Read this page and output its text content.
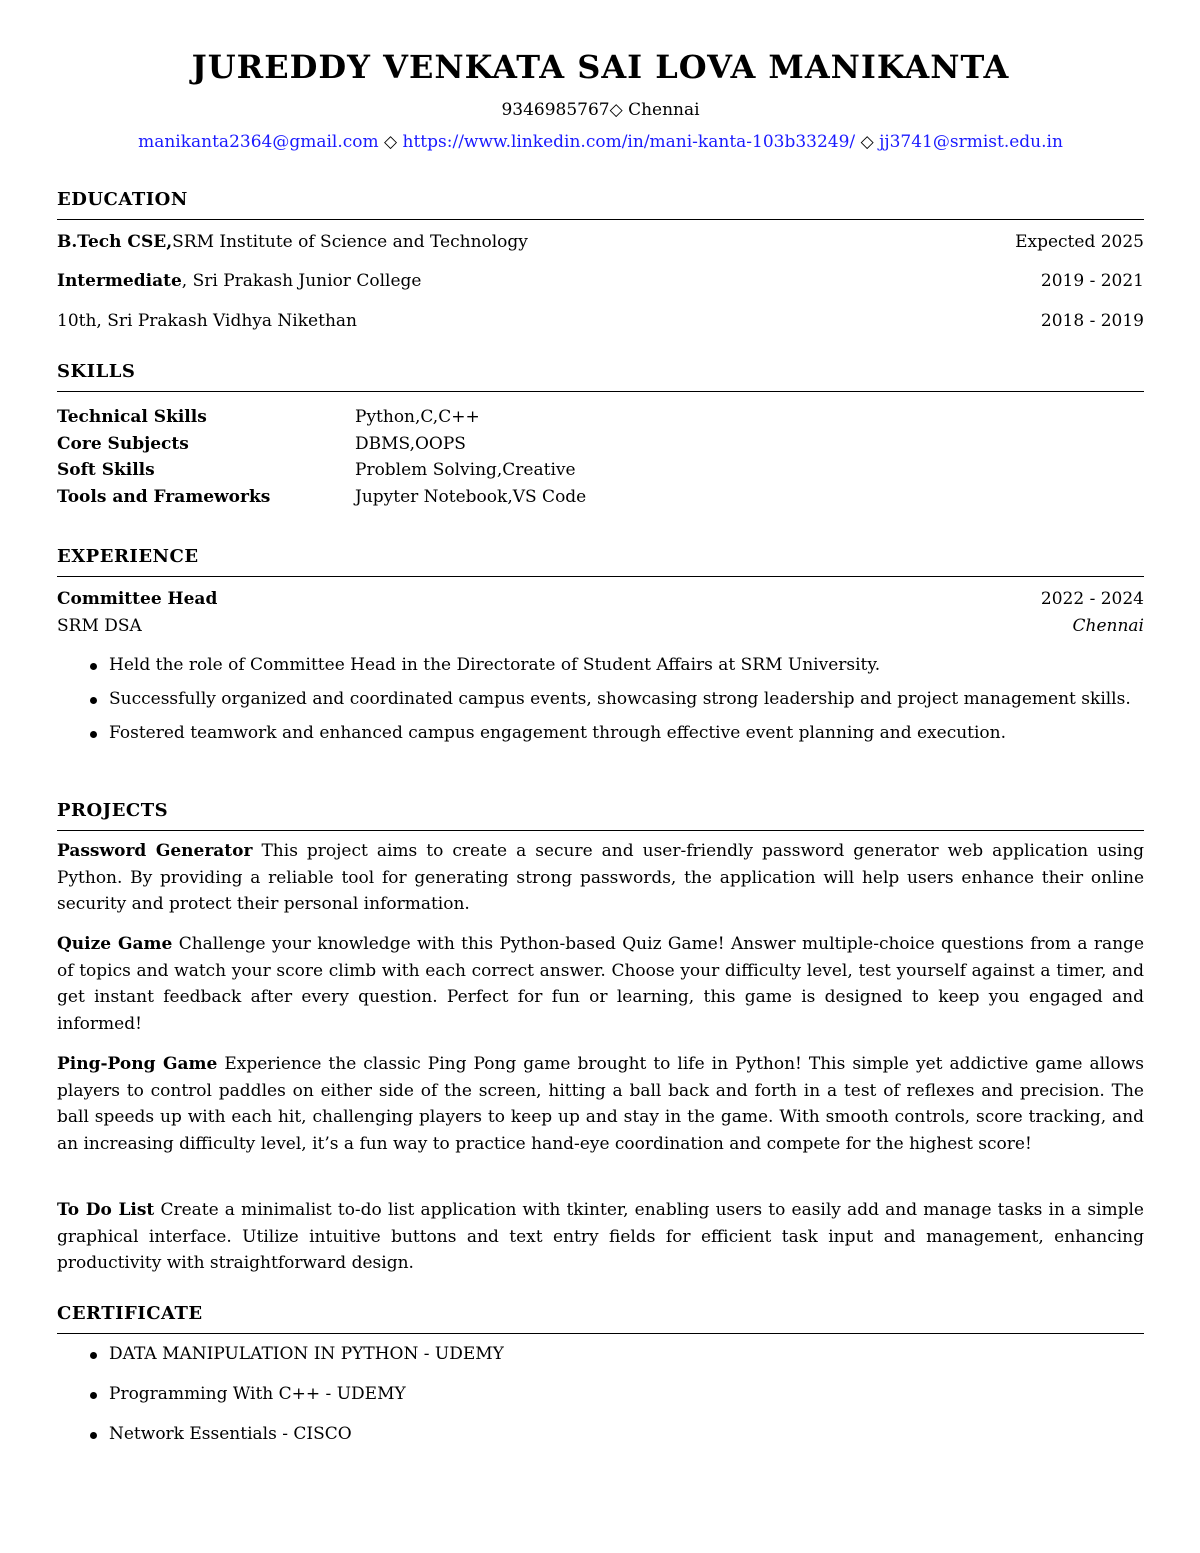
JUREDDY VENKATA SAI LOVA MANIKANTA
9346985767◇ Chennai
manikanta2364@gmail.com ◇ https://www.linkedin.com/in/mani-kanta-103b33249/ ◇ jj3741@srmist.edu.in
EDUCATION
B.Tech CSE,SRM Institute of Science and Technology	Expected 2025
Intermediate, Sri Prakash Junior College	2019 - 2021
10th, Sri Prakash Vidhya Nikethan	2018 - 2019
SKILLS
Technical Skills	Python,C,C++
Core Subjects	DBMS,OOPS
Soft Skills	Problem Solving,Creative
Tools and Frameworks	Jupyter Notebook,VS Code
EXPERIENCE
Committee Head	2022 - 2024
SRM DSA	Chennai
Held the role of Committee Head in the Directorate of Student Affairs at SRM University.
Successfully organized and coordinated campus events, showcasing strong leadership and project management skills.
Fostered teamwork and enhanced campus engagement through effective event planning and execution.
PROJECTS
Password Generator This project aims to create a secure and user-friendly password generator web application using Python. By providing a reliable tool for generating strong passwords, the application will help users enhance their online security and protect their personal information.
Quize Game Challenge your knowledge with this Python-based Quiz Game! Answer multiple-choice questions from a range of topics and watch your score climb with each correct answer. Choose your difficulty level, test yourself against a timer, and get instant feedback after every question. Perfect for fun or learning, this game is designed to keep you engaged and informed!
Ping-Pong Game Experience the classic Ping Pong game brought to life in Python! This simple yet addictive game allows players to control paddles on either side of the screen, hitting a ball back and forth in a test of reflexes and precision. The ball speeds up with each hit, challenging players to keep up and stay in the game. With smooth controls, score tracking, and an increasing difficulty level, it’s a fun way to practice hand-eye coordination and compete for the highest score!
To Do List Create a minimalist to-do list application with tkinter, enabling users to easily add and manage tasks in a simple graphical interface. Utilize intuitive buttons and text entry fields for efficient task input and management, enhancing productivity with straightforward design.
CERTIFICATE
DATA MANIPULATION IN PYTHON - UDEMY
Programming With C++ - UDEMY
Network Essentials - CISCO
